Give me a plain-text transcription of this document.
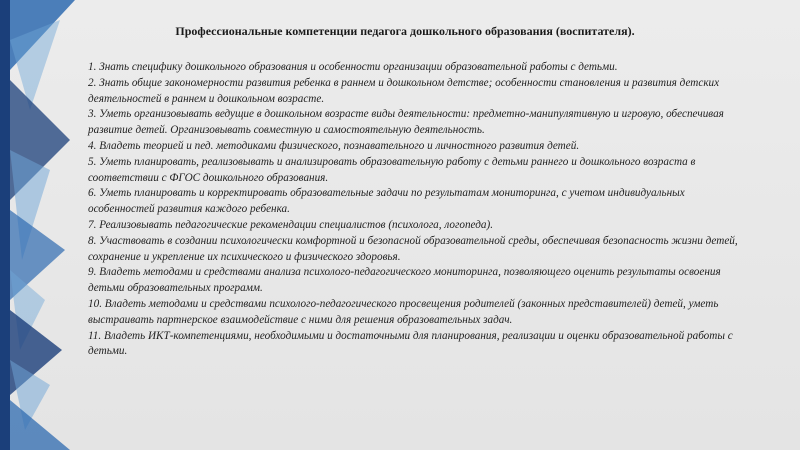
Профессиональные компетенции педагога дошкольного образования (воспитателя).

1. Знать специфику дошкольного образования и особенности организации образовательной работы с детьми.

2. Знать общие закономерности развития ребенка в раннем и дошкольном детстве; особенности становления и развития детских деятельностей в раннем и дошкольном возрасте.

3. Уметь организовывать ведущие в дошкольном возрасте виды деятельности: предметно-манипулятивную и игровую, обеспечивая развитие детей. Организовывать совместную и самостоятельную деятельность.

4. Владеть теорией и пед. методиками физического, познавательного и личностного развития детей.

5. Уметь планировать, реализовывать и анализировать образовательную работу с детьми раннего и дошкольного возраста в соответствии с ФГОС дошкольного образования.

6. Уметь планировать и корректировать образовательные задачи по результатам мониторинга, с учетом индивидуальных особенностей развития каждого ребенка.

7. Реализовывать педагогические рекомендации специалистов (психолога, логопеда).

8. Участвовать в создании психологически комфортной и безопасной образовательной среды, обеспечивая безопасность жизни детей, сохранение и укрепление их психического и физического здоровья.

9. Владеть методами и средствами анализа психолого-педагогического мониторинга, позволяющего оценить результаты освоения детьми образовательных программ.

10. Владеть методами и средствами психолого-педагогического просвещения родителей (законных представителей) детей, уметь выстраивать партнерское взаимодействие с ними для решения образовательных задач.

11. Владеть ИКТ-компетенциями, необходимыми и достаточными для планирования, реализации и оценки образовательной работы с детьми.
